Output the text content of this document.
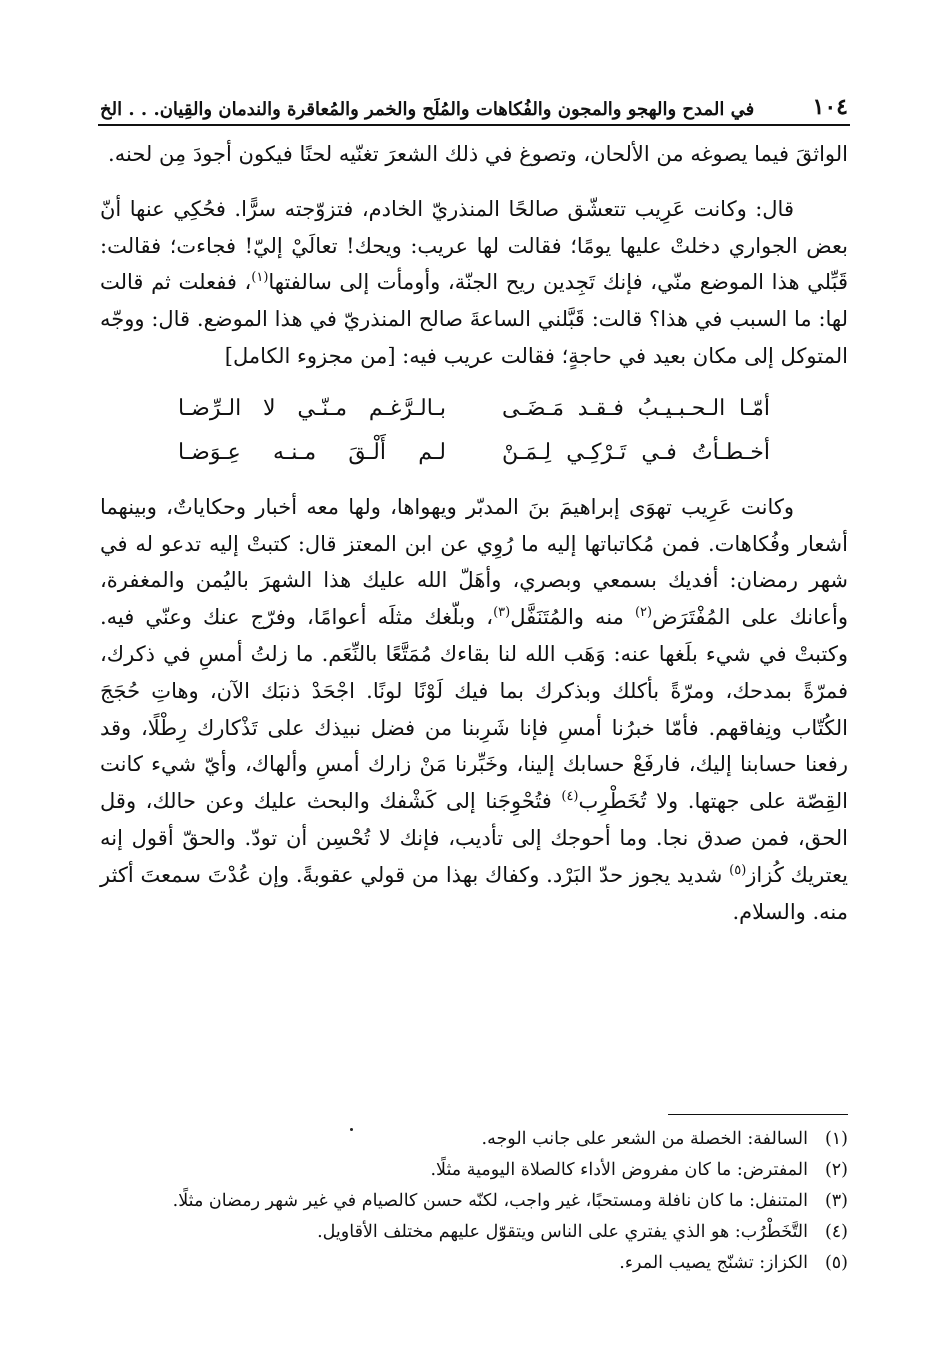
١٠٤
في المدح والهجو والمجون والفُكاهات والمُلَح والخمر والمُعاقرة والندمان والقِيان. . . الخ

الواثقَ فيما يصوغه من الألحان، وتصوغ في ذلك الشعرَ تغنّيه لحنًا فيكون أجودَ مِن لحنه.

قال: وكانت عَرِيب تتعشّق صالحًا المنذريّ الخادم، فتزوّجته سرًّا. فحُكِي عنها أنّ بعض الجواري دخلتْ عليها يومًا؛ فقالت لها عريب: ويحك! تعالَيْ إليّ! فجاءت؛ فقالت: قَبِّلي هذا الموضع منّي، فإنك تَجِدين ريح الجنّة، وأومأت إلى سالفتها$^{(١)}$، ففعلت ثم قالت لها: ما السبب في هذا؟ قالت: قَبَّلني الساعةَ صالح المنذريّ في هذا الموضع. قال: ووجّه المتوكل إلى مكان بعيد في حاجةٍ؛ فقالت عريب فيه: [من مجزوء الكامل]

أمّـا الـحـبـيـبُ فـقـد مَـضَـى
بـالـرَّغـم مـنّـي لا الـرِّضـا
أخـطـأتُ فـي تَـرْكِـي لِـمَـنْ
لـم أَلْـقَ مـنـه عِـوَضـا

وكانت عَرِيب تهوَى إبراهيمَ بنَ المدبّر ويهواها، ولها معه أخبار وحكاياتٌ، وبينهما أشعار وفُكاهات. فمن مُكاتباتها إليه ما رُوِي عن ابن المعتز قال: كتبتْ إليه تدعو له في شهر رمضان: أفديك بسمعي وبصري، وأهَلّ الله عليك هذا الشهرَ باليُمن والمغفرة، وأعانك على المُفْتَرَض$^{(٢)}$ منه والمُتَنَفَّل$^{(٣)}$، وبلّغك مثلَه أعوامًا، وفرّج عنك وعنّي فيه. وكتبتْ في شيء بلَغها عنه: وَهَب الله لنا بقاءك مُمَتَّعًا بالنِّعَم. ما زلتُ أمسِ في ذكرك، فمرّةً بمدحك، ومرّةً بأكلك وبذكرك بما فيك لَوْنًا لونًا. اجْحَدْ ذنبَك الآن، وهاتِ حُجَجَ الكُتّاب ونِفاقهم. فأمّا خبرُنا أمسِ فإنا شَرِبنا من فضل نبيذك على تَذْكارك رِطْلًا، وقد رفعنا حسابنا إليك، فارفَعْ حسابك إلينا، وخَبِّرنا مَنْ زارك أمسِ وألهاك، وأيّ شيء كانت القِصّة على جهتها. ولا تُخَطْرِب$^{(٤)}$ فتُحْوِجَنا إلى كَشْفك والبحث عليك وعن حالك، وقل الحق، فمن صدق نجا. وما أحوجك إلى تأديب، فإنك لا تُحْسِن أن تودّ. والحقّ أقول إنه يعتريك كُزاز$^{(٥)}$ شديد يجوز حدّ البَرْد. وكفاك بهذا من قولي عقوبةً. وإن عُدْتَ سمعتَ أكثر منه. والسلام.

(١)
السالفة: الخصلة من الشعر على جانب الوجه.
(٢)
المفترض: ما كان مفروض الأداء كالصلاة اليومية مثلًا.
(٣)
المتنفل: ما كان نافلة ومستحبًا، غير واجب، لكنّه حسن كالصيام في غير شهر رمضان مثلًا.
(٤)
التَّخَطْرُب: هو الذي يفتري على الناس ويتقوّل عليهم مختلف الأقاويل.
(٥)
الكزاز: تشنّج يصيب المرء.
